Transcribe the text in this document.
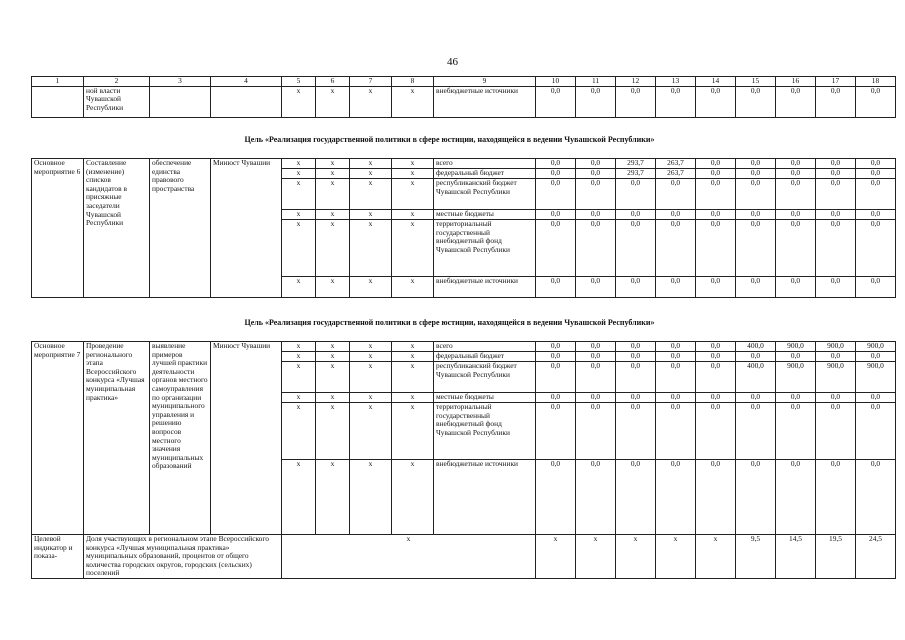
46
1	2	3	4	5	6	7	8	9	10	11	12	13	14	15	16	17	18
	ной власти Чувашской Республики			x	x	x	x	внебюджетные источники	0,0	0,0	0,0	0,0	0,0	0,0	0,0	0,0	0,0
Цель «Реализация государственной политики в сфере юстиции, находящейся в ведении Чувашской Республики»
Основное мероприятие 6	Составление (изменение) списков кандидатов в присяжные заседатели Чувашской Республики	обеспечение единства правового пространства	Минюст Чувашии	x	x	x	x	всего	0,0	0,0	293,7	263,7	0,0	0,0	0,0	0,0	0,0
				x	x	x	x	федеральный бюджет	0,0	0,0	293,7	263,7	0,0	0,0	0,0	0,0	0,0
				x	x	x	x	республиканский бюджет Чувашской Республики	0,0	0,0	0,0	0,0	0,0	0,0	0,0	0,0	0,0
				x	x	x	x	местные бюджеты	0,0	0,0	0,0	0,0	0,0	0,0	0,0	0,0	0,0
				x	x	x	x	территориальный государственный внебюджетный фонд Чувашской Республики	0,0	0,0	0,0	0,0	0,0	0,0	0,0	0,0	0,0
				x	x	x	x	внебюджетные источники	0,0	0,0	0,0	0,0	0,0	0,0	0,0	0,0	0,0
Цель «Реализация государственной политики в сфере юстиции, находящейся в ведении Чувашской Республики»
Основное мероприятие 7	Проведение регионального этапа Всероссийского конкурса «Лучшая муниципальная практика»	выявление примеров лучшей практики деятельности органов местного самоуправления по организации муниципального управления и решению вопросов местного значения муниципальных образований	Минюст Чувашии	x	x	x	x	всего	0,0	0,0	0,0	0,0	0,0	400,0	900,0	900,0	900,0
				x	x	x	x	федеральный бюджет	0,0	0,0	0,0	0,0	0,0	0,0	0,0	0,0	0,0
				x	x	x	x	республиканский бюджет Чувашской Республики	0,0	0,0	0,0	0,0	0,0	400,0	900,0	900,0	900,0
				x	x	x	x	местные бюджеты	0,0	0,0	0,0	0,0	0,0	0,0	0,0	0,0	0,0
				x	x	x	x	территориальный государственный внебюджетный фонд Чувашской Республики	0,0	0,0	0,0	0,0	0,0	0,0	0,0	0,0	0,0
				x	x	x	x	внебюджетные источники	0,0	0,0	0,0	0,0	0,0	0,0	0,0	0,0	0,0
Целевой индикатор и показа-	Доля участвующих в региональном этапе Всероссийского конкурса «Лучшая муниципальная практика» муниципальных образований, процентов от общего количества городских округов, городских (сельских) поселений			x					x	x	x	x	x	9,5	14,5	19,5	24,5
